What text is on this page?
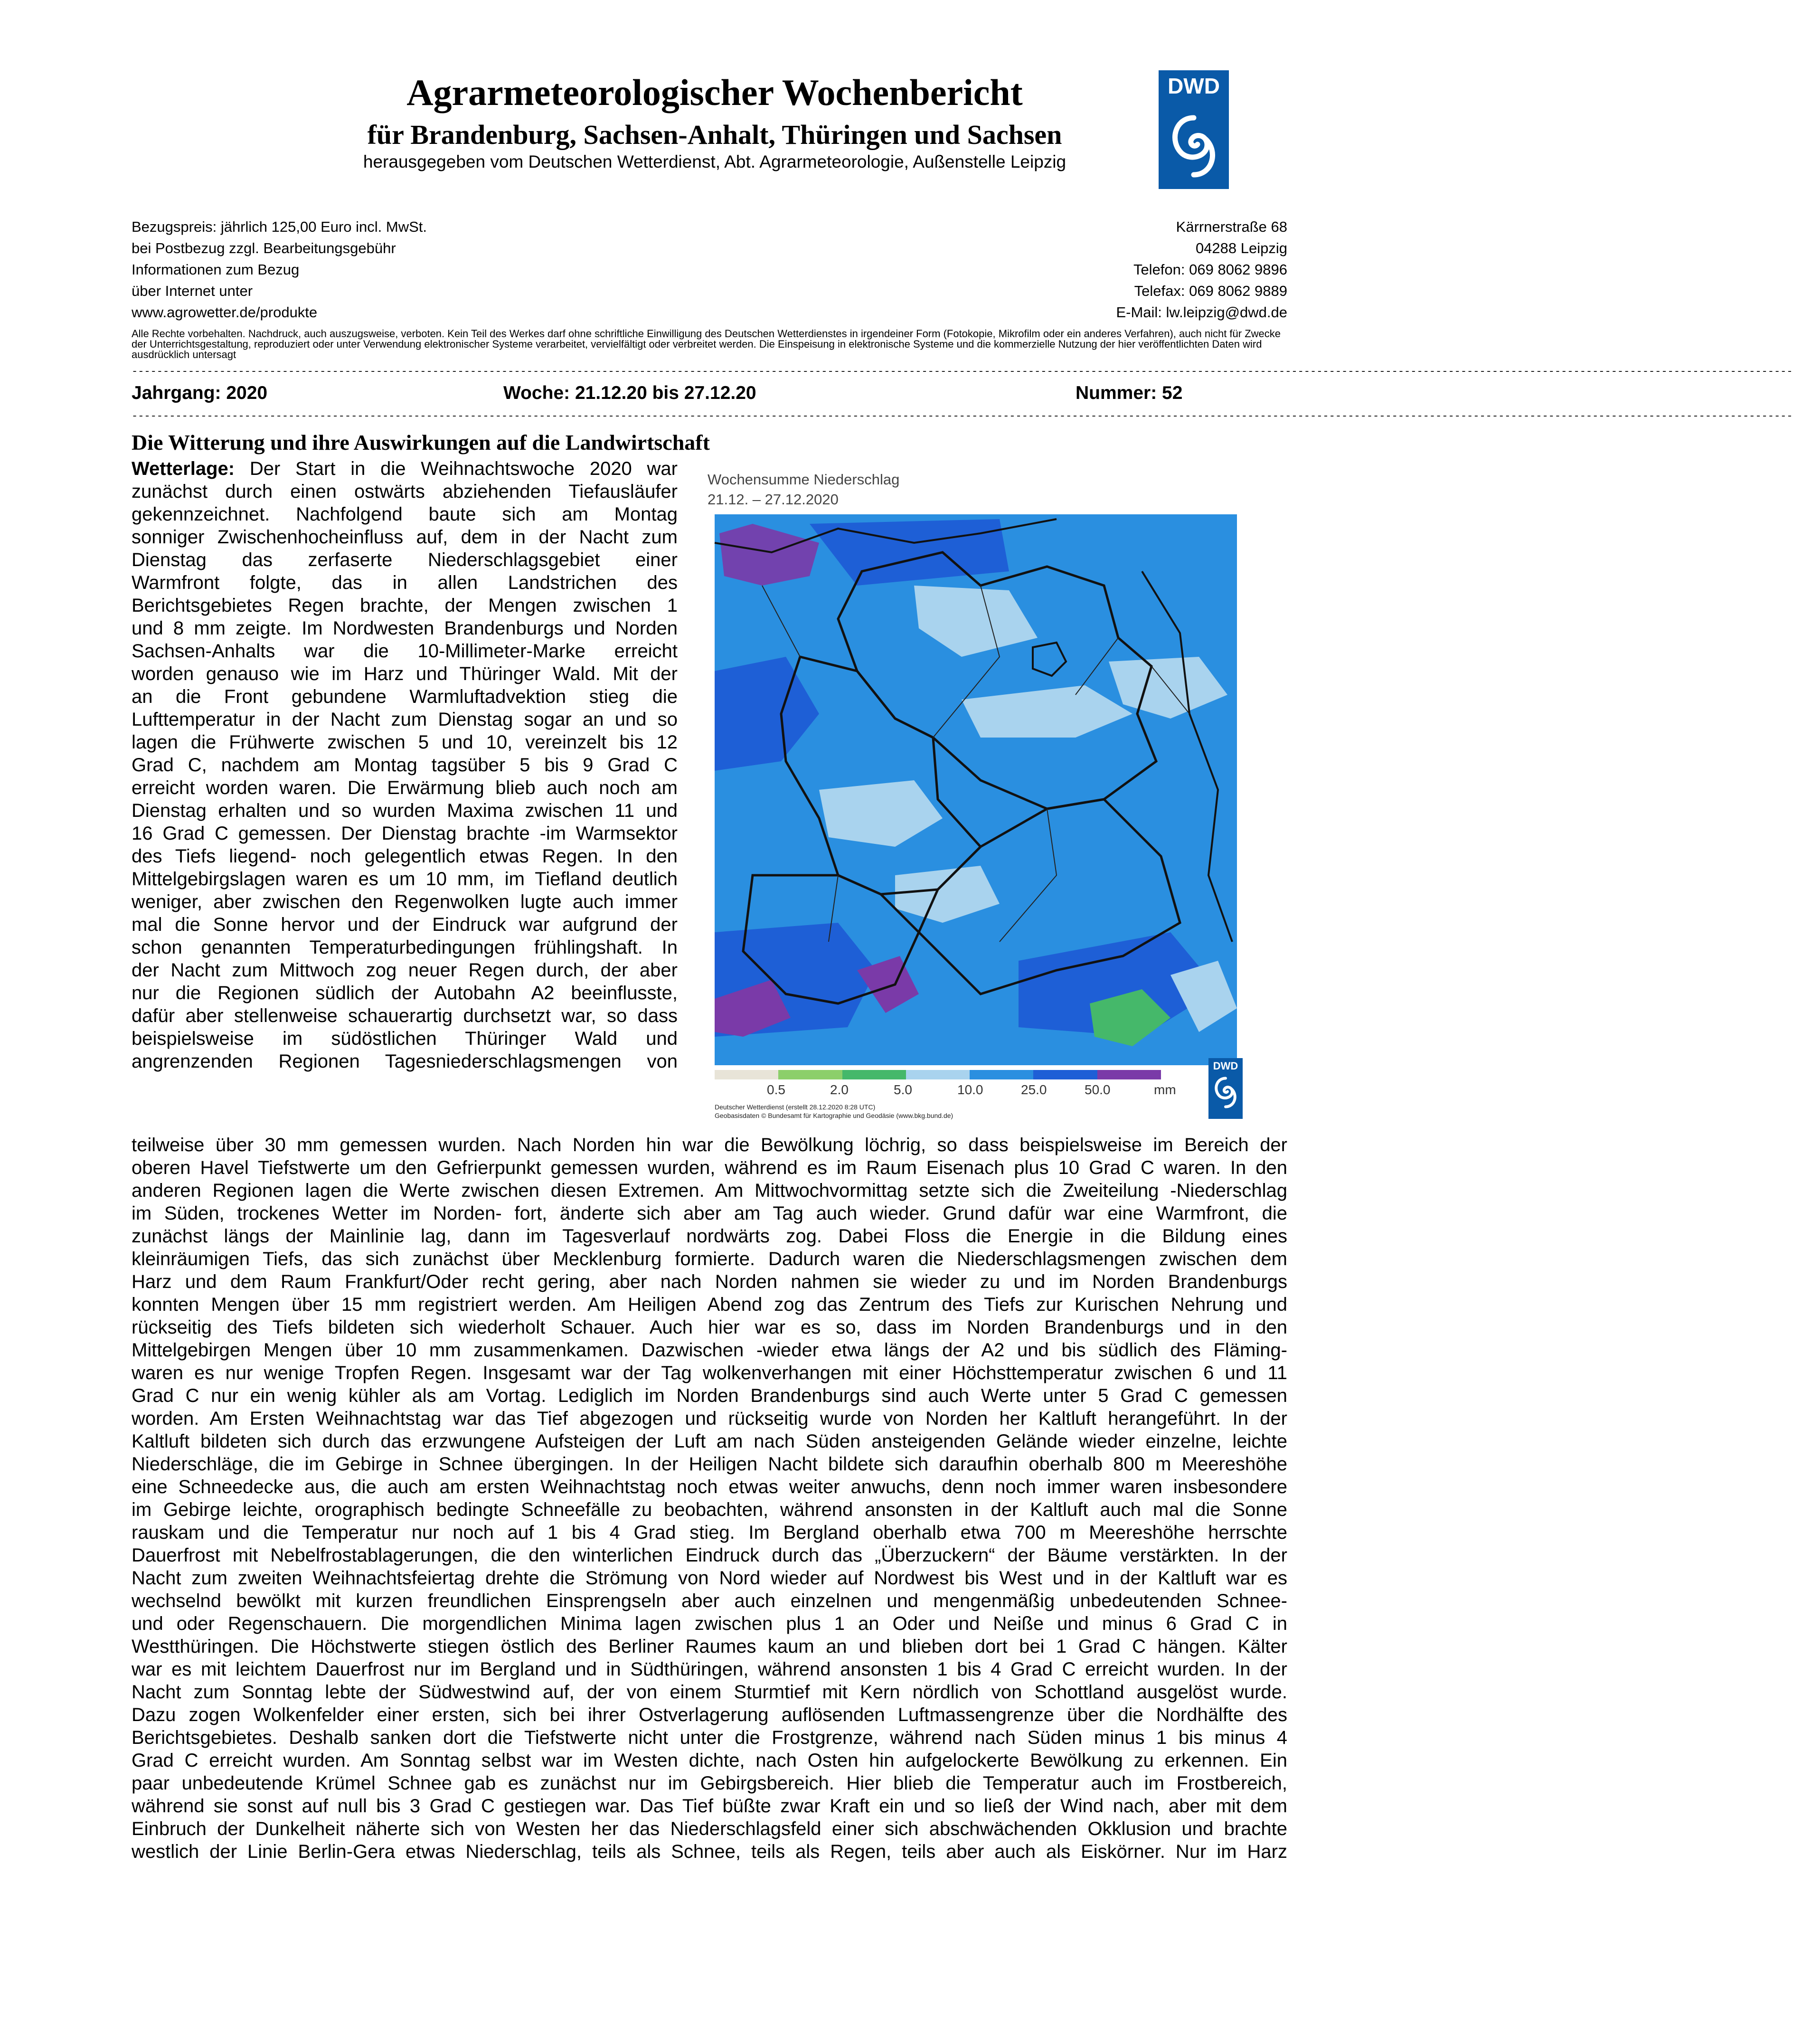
Agrarmeteorologischer Wochenbericht
für Brandenburg, Sachsen-Anhalt, Thüringen und Sachsen
herausgegeben vom Deutschen Wetterdienst, Abt. Agrarmeteorologie, Außenstelle Leipzig
DWD
Bezugspreis: jährlich 125,00 Euro incl. MwSt.
bei Postbezug zzgl. Bearbeitungsgebühr
Informationen zum Bezug
über Internet unter
www.agrowetter.de/produkte
Kärrnerstraße 68
04288 Leipzig
Telefon: 069 8062 9896
Telefax: 069 8062 9889
E-Mail: lw.leipzig@dwd.de
Alle Rechte vorbehalten. Nachdruck, auch auszugsweise, verboten. Kein Teil des Werkes darf ohne schriftliche Einwilligung des Deutschen Wetterdienstes in irgendeiner Form (Fotokopie, Mikrofilm oder ein anderes Verfahren), auch nicht für Zwecke der Unterrichtsgestaltung, reproduziert oder unter Verwendung elektronischer Systeme verarbeitet, vervielfältigt oder verbreitet werden. Die Einspeisung in elektronische Systeme und die kommerzielle Nutzung der hier veröffentlichten Daten wird ausdrücklich untersagt
-------------------------------------------------------------------------------------------------------------------------------------------------------------------------------------------------------------------------------------------------------------------------
Jahrgang: 2020	Woche: 21.12.20 bis 27.12.20	Nummer: 52
-------------------------------------------------------------------------------------------------------------------------------------------------------------------------------------------------------------------------------------------------------------------------
Die Witterung und ihre Auswirkungen auf die Landwirtschaft
Wetterlage: Der Start in die Weihnachtswoche 2020 war
zunächst durch einen ostwärts abziehenden Tiefausläufer
gekennzeichnet. Nachfolgend baute sich am Montag
sonniger Zwischenhocheinfluss auf, dem in der Nacht zum
Dienstag das zerfaserte Niederschlagsgebiet einer
Warmfront folgte, das in allen Landstrichen des
Berichtsgebietes Regen brachte, der Mengen zwischen 1
und 8 mm zeigte. Im Nordwesten Brandenburgs und Norden
Sachsen-Anhalts war die 10-Millimeter-Marke erreicht
worden genauso wie im Harz und Thüringer Wald. Mit der
an die Front gebundene Warmluftadvektion stieg die
Lufttemperatur in der Nacht zum Dienstag sogar an und so
lagen die Frühwerte zwischen 5 und 10, vereinzelt bis 12
Grad C, nachdem am Montag tagsüber 5 bis 9 Grad C
erreicht worden waren. Die Erwärmung blieb auch noch am
Dienstag erhalten und so wurden Maxima zwischen 11 und
16 Grad C gemessen. Der Dienstag brachte -im Warmsektor
des Tiefs liegend- noch gelegentlich etwas Regen. In den
Mittelgebirgslagen waren es um 10 mm, im Tiefland deutlich
weniger, aber zwischen den Regenwolken lugte auch immer
mal die Sonne hervor und der Eindruck war aufgrund der
schon genannten Temperaturbedingungen frühlingshaft. In
der Nacht zum Mittwoch zog neuer Regen durch, der aber
nur die Regionen südlich der Autobahn A2 beeinflusste,
dafür aber stellenweise schauerartig durchsetzt war, so dass
beispielsweise im südöstlichen Thüringer Wald und
angrenzenden Regionen Tagesniederschlagsmengen von
Wochensumme Niederschlag
21.12. – 27.12.2020
0.5	2.0	5.0	10.0	25.0	50.0	mm
Deutscher Wetterdienst (erstellt 28.12.2020 8:28 UTC)
Geobasisdaten © Bundesamt für Kartographie und Geodäsie (www.bkg.bund.de)
DWD
teilweise über 30 mm gemessen wurden. Nach Norden hin war die Bewölkung löchrig, so dass beispielsweise im Bereich der
oberen Havel Tiefstwerte um den Gefrierpunkt gemessen wurden, während es im Raum Eisenach plus 10 Grad C waren. In den
anderen Regionen lagen die Werte zwischen diesen Extremen. Am Mittwochvormittag setzte sich die Zweiteilung -Niederschlag
im Süden, trockenes Wetter im Norden- fort, änderte sich aber am Tag auch wieder. Grund dafür war eine Warmfront, die
zunächst längs der Mainlinie lag, dann im Tagesverlauf nordwärts zog. Dabei Floss die Energie in die Bildung eines
kleinräumigen Tiefs, das sich zunächst über Mecklenburg formierte. Dadurch waren die Niederschlagsmengen zwischen dem
Harz und dem Raum Frankfurt/Oder recht gering, aber nach Norden nahmen sie wieder zu und im Norden Brandenburgs
konnten Mengen über 15 mm registriert werden. Am Heiligen Abend zog das Zentrum des Tiefs zur Kurischen Nehrung und
rückseitig des Tiefs bildeten sich wiederholt Schauer. Auch hier war es so, dass im Norden Brandenburgs und in den
Mittelgebirgen Mengen über 10 mm zusammenkamen. Dazwischen -wieder etwa längs der A2 und bis südlich des Fläming-
waren es nur wenige Tropfen Regen. Insgesamt war der Tag wolkenverhangen mit einer Höchsttemperatur zwischen 6 und 11
Grad C nur ein wenig kühler als am Vortag. Lediglich im Norden Brandenburgs sind auch Werte unter 5 Grad C gemessen
worden. Am Ersten Weihnachtstag war das Tief abgezogen und rückseitig wurde von Norden her Kaltluft herangeführt. In der
Kaltluft bildeten sich durch das erzwungene Aufsteigen der Luft am nach Süden ansteigenden Gelände wieder einzelne, leichte
Niederschläge, die im Gebirge in Schnee übergingen. In der Heiligen Nacht bildete sich daraufhin oberhalb 800 m Meereshöhe
eine Schneedecke aus, die auch am ersten Weihnachtstag noch etwas weiter anwuchs, denn noch immer waren insbesondere
im Gebirge leichte, orographisch bedingte Schneefälle zu beobachten, während ansonsten in der Kaltluft auch mal die Sonne
rauskam und die Temperatur nur noch auf 1 bis 4 Grad stieg. Im Bergland oberhalb etwa 700 m Meereshöhe herrschte
Dauerfrost mit Nebelfrostablagerungen, die den winterlichen Eindruck durch das „Überzuckern“ der Bäume verstärkten. In der
Nacht zum zweiten Weihnachtsfeiertag drehte die Strömung von Nord wieder auf Nordwest bis West und in der Kaltluft war es
wechselnd bewölkt mit kurzen freundlichen Einsprengseln aber auch einzelnen und mengenmäßig unbedeutenden Schnee-
und oder Regenschauern. Die morgendlichen Minima lagen zwischen plus 1 an Oder und Neiße und minus 6 Grad C in
Westthüringen. Die Höchstwerte stiegen östlich des Berliner Raumes kaum an und blieben dort bei 1 Grad C hängen. Kälter
war es mit leichtem Dauerfrost nur im Bergland und in Südthüringen, während ansonsten 1 bis 4 Grad C erreicht wurden. In der
Nacht zum Sonntag lebte der Südwestwind auf, der von einem Sturmtief mit Kern nördlich von Schottland ausgelöst wurde.
Dazu zogen Wolkenfelder einer ersten, sich bei ihrer Ostverlagerung auflösenden Luftmassengrenze über die Nordhälfte des
Berichtsgebietes. Deshalb sanken dort die Tiefstwerte nicht unter die Frostgrenze, während nach Süden minus 1 bis minus 4
Grad C erreicht wurden. Am Sonntag selbst war im Westen dichte, nach Osten hin aufgelockerte Bewölkung zu erkennen. Ein
paar unbedeutende Krümel Schnee gab es zunächst nur im Gebirgsbereich. Hier blieb die Temperatur auch im Frostbereich,
während sie sonst auf null bis 3 Grad C gestiegen war. Das Tief büßte zwar Kraft ein und so ließ der Wind nach, aber mit dem
Einbruch der Dunkelheit näherte sich von Westen her das Niederschlagsfeld einer sich abschwächenden Okklusion und brachte
westlich der Linie Berlin-Gera etwas Niederschlag, teils als Schnee, teils als Regen, teils aber auch als Eiskörner. Nur im Harz
